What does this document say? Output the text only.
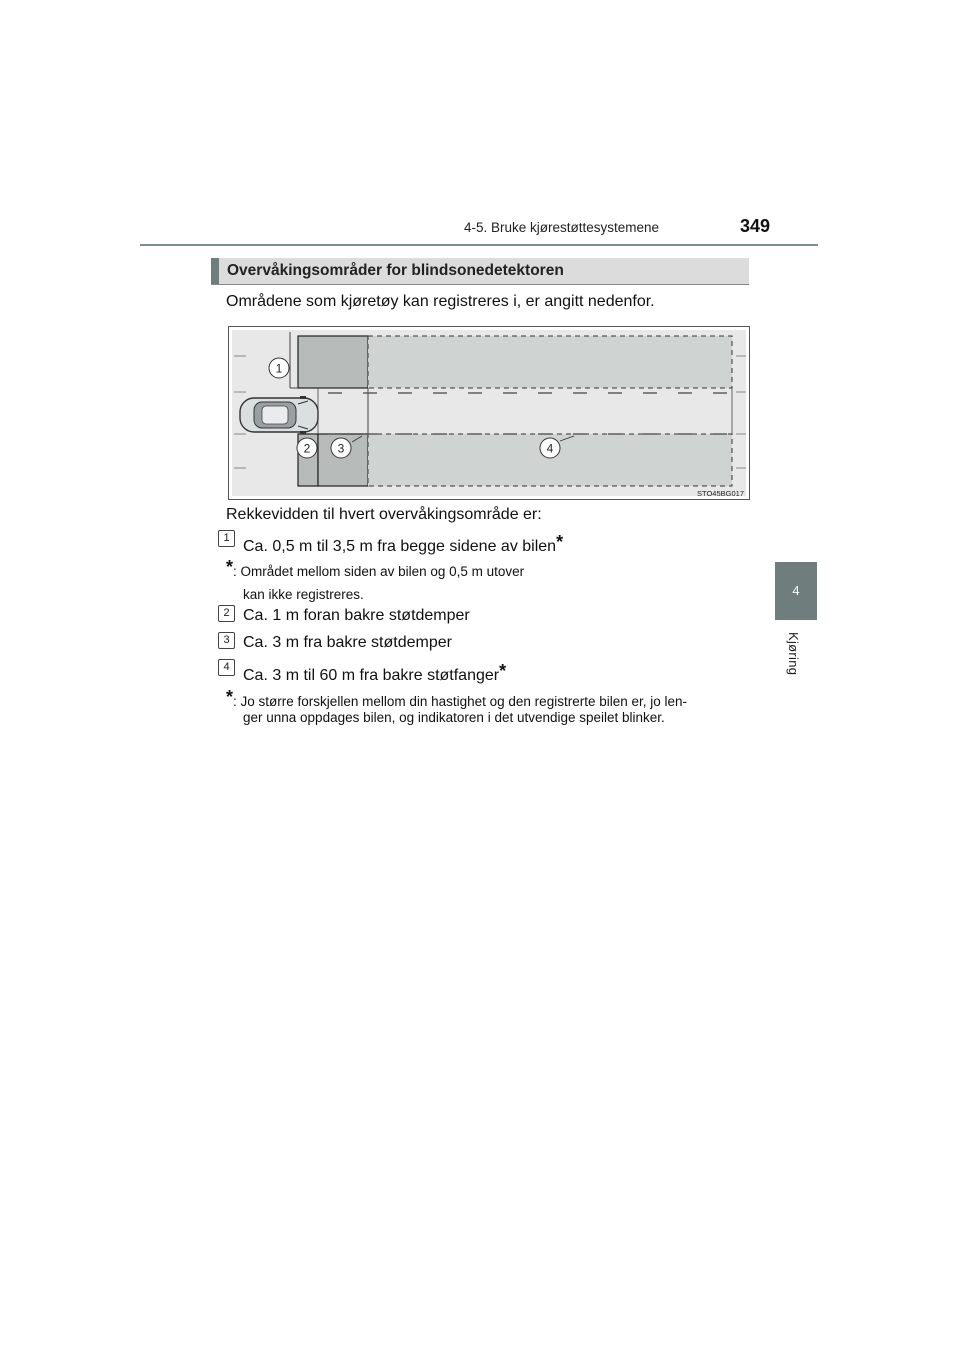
4-5. Bruke kjørestøttesystemene	349
4
Kjøring
Overvåkingsområder for blindsonedetektoren
Områdene som kjøretøy kan registreres i, er angitt nedenfor.
1
2 3	4
STO45BG017
Rekkevidden til hvert overvåkingsområde er:
1 Ca. 0,5 m til 3,5 m fra begge sidene av bilen*
*: Området mellom siden av bilen og 0,5 m utover
kan ikke registreres.
2 Ca. 1 m foran bakre støtdemper
3 Ca. 3 m fra bakre støtdemper
4 Ca. 3 m til 60 m fra bakre støtfanger*
*: Jo større forskjellen mellom din hastighet og den registrerte bilen er, jo len-
ger unna oppdages bilen, og indikatoren i det utvendige speilet blinker.
